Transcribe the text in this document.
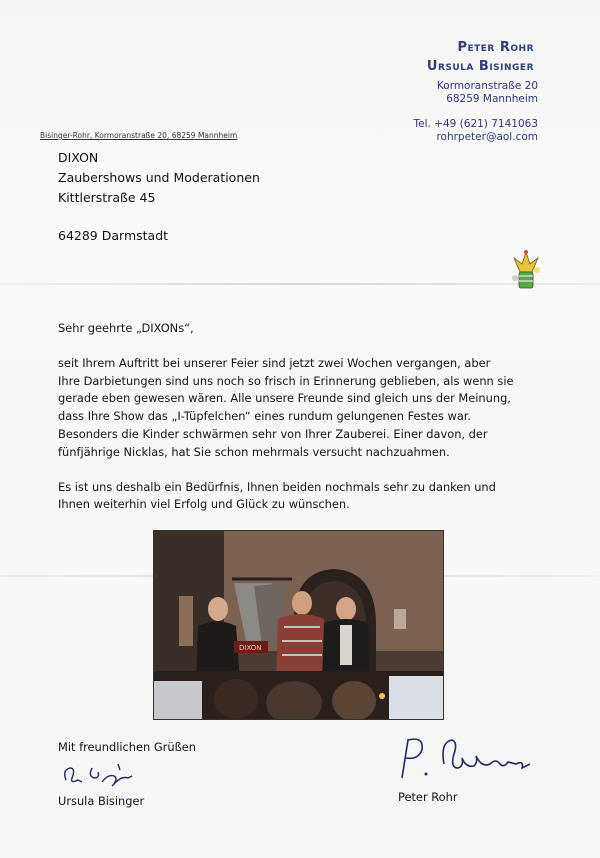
Peter Rohr
Ursula Bisinger
Kormoranstraße 20
68259 Mannheim
Tel. +49 (621) 7141063
rohrpeter@aol.com
Bisinger-Rohr, Kormoranstraße 20, 68259 Mannheim
DIXON
Zaubershows und Moderationen
Kittlerstraße 45
64289 Darmstadt

Sehr geehrte „DIXONs“,

seit Ihrem Auftritt bei unserer Feier sind jetzt zwei Wochen vergangen, aber

Ihre Darbietungen sind uns noch so frisch in Erinnerung geblieben, als wenn sie

gerade eben gewesen wären. Alle unsere Freunde sind gleich uns der Meinung,

dass Ihre Show das „I-Tüpfelchen“ eines rundum gelungenen Festes war.

Besonders die Kinder schwärmen sehr von Ihrer Zauberei. Einer davon, der

fünfjährige Nicklas, hat Sie schon mehrmals versucht nachzuahmen.

Es ist uns deshalb ein Bedürfnis, Ihnen beiden nochmals sehr zu danken und

Ihnen weiterhin viel Erfolg und Glück zu wünschen.

DIXON
Mit freundlichen Grüßen
Ursula Bisinger	Peter Rohr
